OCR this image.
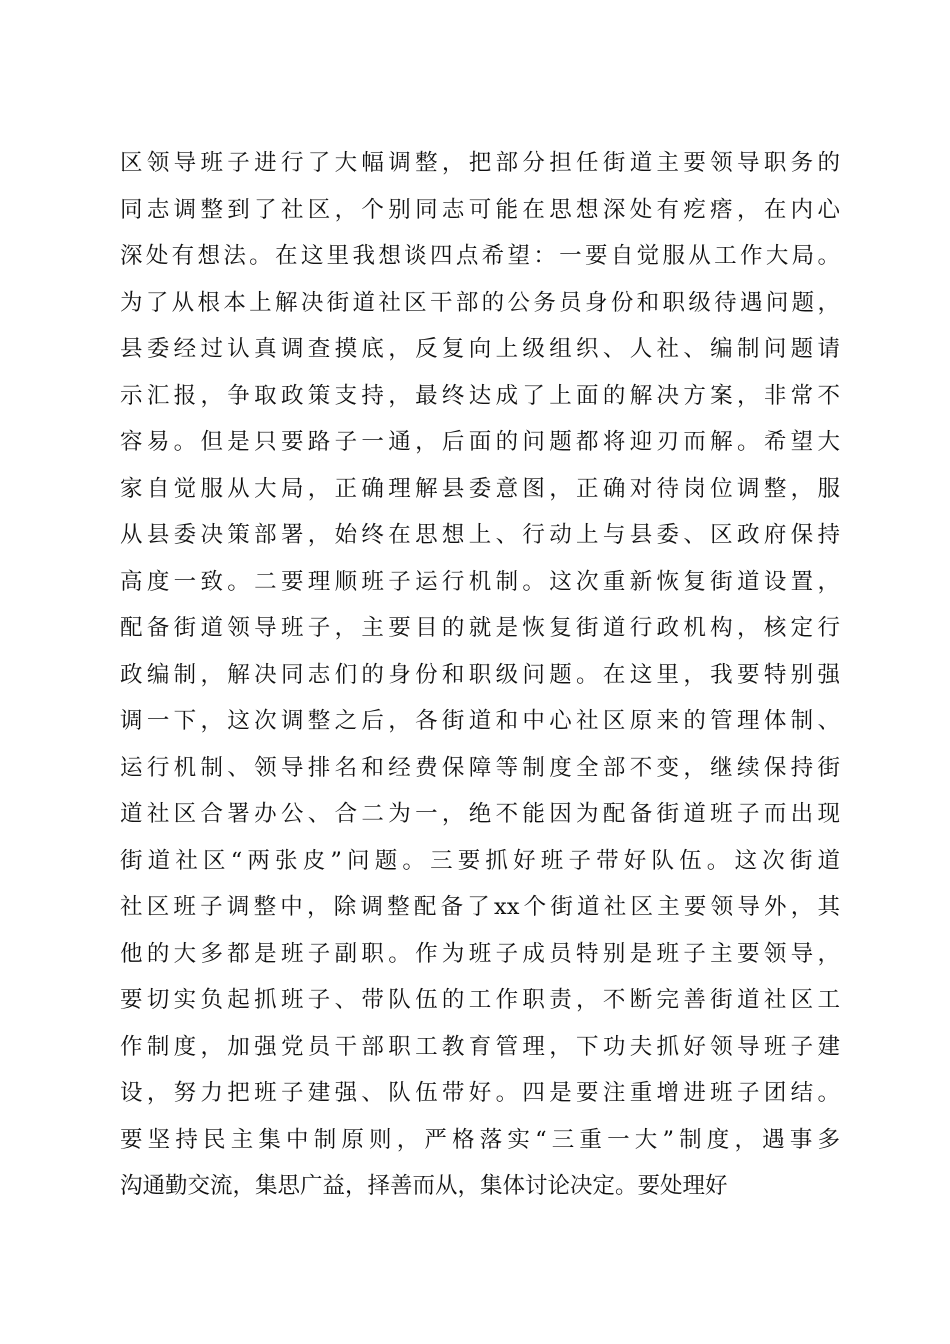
区领导班子进行了大幅调整，把部分担任街道主要领导职务的
同志调整到了社区，个别同志可能在思想深处有疙瘩，在内心
深处有想法。在这里我想谈四点希望：一要自觉服从工作大局。
为了从根本上解决街道社区干部的公务员身份和职级待遇问题，
县委经过认真调查摸底，反复向上级组织、人社、编制问题请
示汇报，争取政策支持，最终达成了上面的解决方案，非常不
容易。但是只要路子一通，后面的问题都将迎刃而解。希望大
家自觉服从大局，正确理解县委意图，正确对待岗位调整，服
从县委决策部署，始终在思想上、行动上与县委、区政府保持
高度一致。二要理顺班子运行机制。这次重新恢复街道设置，
配备街道领导班子，主要目的就是恢复街道行政机构，核定行
政编制，解决同志们的身份和职级问题。在这里，我要特别强
调一下，这次调整之后，各街道和中心社区原来的管理体制、
运行机制、领导排名和经费保障等制度全部不变，继续保持街
道社区合署办公、合二为一，绝不能因为配备街道班子而出现
街道社区“两张皮”问题。三要抓好班子带好队伍。这次街道
社区班子调整中，除调整配备了xx个街道社区主要领导外，其
他的大多都是班子副职。作为班子成员特别是班子主要领导，
要切实负起抓班子、带队伍的工作职责，不断完善街道社区工
作制度，加强党员干部职工教育管理，下功夫抓好领导班子建
设，努力把班子建强、队伍带好。四是要注重增进班子团结。
要坚持民主集中制原则，严格落实“三重一大”制度，遇事多
沟通勤交流，集思广益，择善而从，集体讨论决定。要处理好
